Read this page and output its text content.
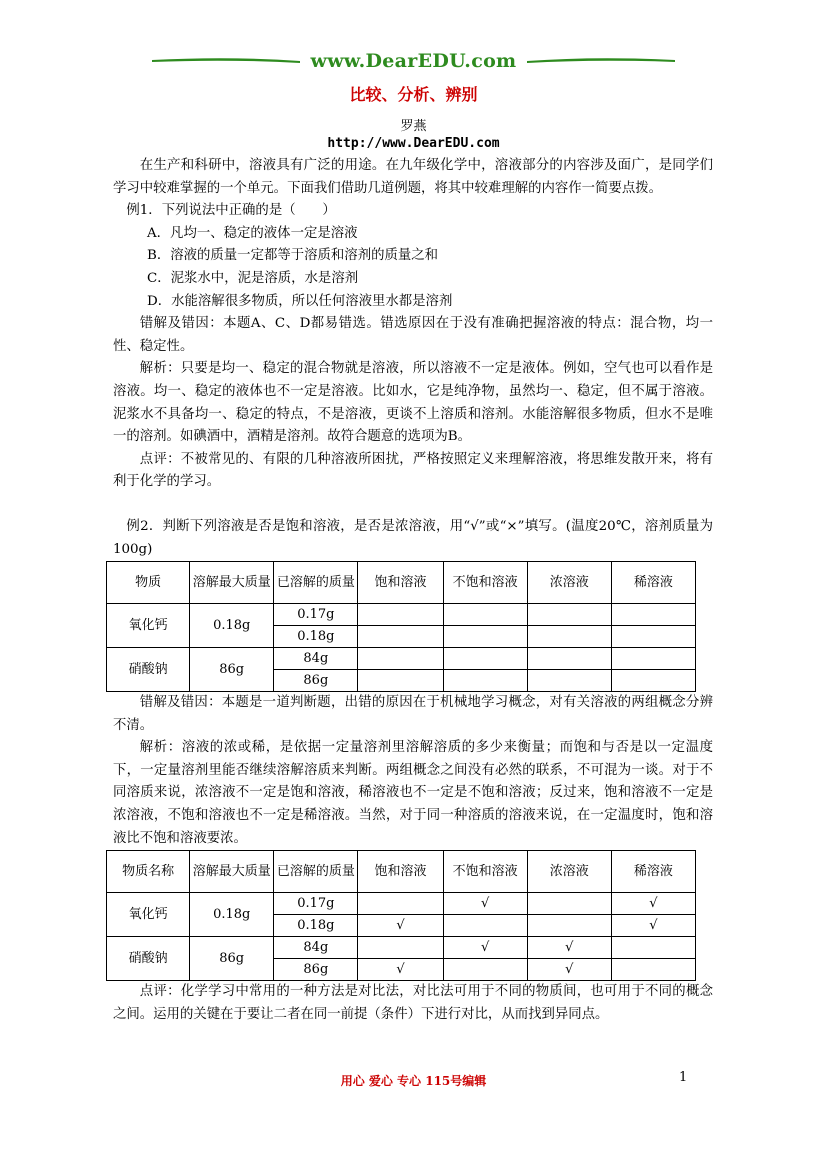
www.DearEDU.com
比较、分析、辨别
罗燕
http://www.DearEDU.com

在生产和科研中，溶液具有广泛的用途。在九年级化学中，溶液部分的内容涉及面广，是同学们学习中较难掌握的一个单元。下面我们借助几道例题，将其中较难理解的内容作一简要点拨。

例1．下列说法中正确的是（　　）

A．凡均一、稳定的液体一定是溶液

B．溶液的质量一定都等于溶质和溶剂的质量之和

C．泥浆水中，泥是溶质，水是溶剂

D．水能溶解很多物质，所以任何溶液里水都是溶剂

错解及错因：本题A、C、D都易错选。错选原因在于没有准确把握溶液的特点：混合物，均一性、稳定性。

解析：只要是均一、稳定的混合物就是溶液，所以溶液不一定是液体。例如，空气也可以看作是溶液。均一、稳定的液体也不一定是溶液。比如水，它是纯净物，虽然均一、稳定，但不属于溶液。泥浆水不具备均一、稳定的特点，不是溶液，更谈不上溶质和溶剂。水能溶解很多物质，但水不是唯一的溶剂。如碘酒中，酒精是溶剂。故符合题意的选项为B。

点评：不被常见的、有限的几种溶液所困扰，严格按照定义来理解溶液，将思维发散开来，将有利于化学的学习。

例2．判断下列溶液是否是饱和溶液，是否是浓溶液，用“√”或“×”填写。(温度20℃，溶剂质量为100g)

物质	溶解最大质量	已溶解的质量	饱和溶液	不饱和溶液	浓溶液	稀溶液
氧化钙	0.18g	0.17g				
		0.18g				
硝酸钠	86g	84g				
		86g				

错解及错因：本题是一道判断题，出错的原因在于机械地学习概念，对有关溶液的两组概念分辨不清。

解析：溶液的浓或稀，是依据一定量溶剂里溶解溶质的多少来衡量；而饱和与否是以一定温度下，一定量溶剂里能否继续溶解溶质来判断。两组概念之间没有必然的联系，不可混为一谈。对于不同溶质来说，浓溶液不一定是饱和溶液，稀溶液也不一定是不饱和溶液；反过来，饱和溶液不一定是浓溶液，不饱和溶液也不一定是稀溶液。当然，对于同一种溶质的溶液来说，在一定温度时，饱和溶液比不饱和溶液要浓。

物质名称	溶解最大质量	已溶解的质量	饱和溶液	不饱和溶液	浓溶液	稀溶液
氧化钙	0.18g	0.17g		√		√
		0.18g	√			√
硝酸钠	86g	84g		√	√	
		86g	√		√	

点评：化学学习中常用的一种方法是对比法，对比法可用于不同的物质间，也可用于不同的概念之间。运用的关键在于要让二者在同一前提（条件）下进行对比，从而找到异同点。

用心 爱心 专心 115号编辑	1
